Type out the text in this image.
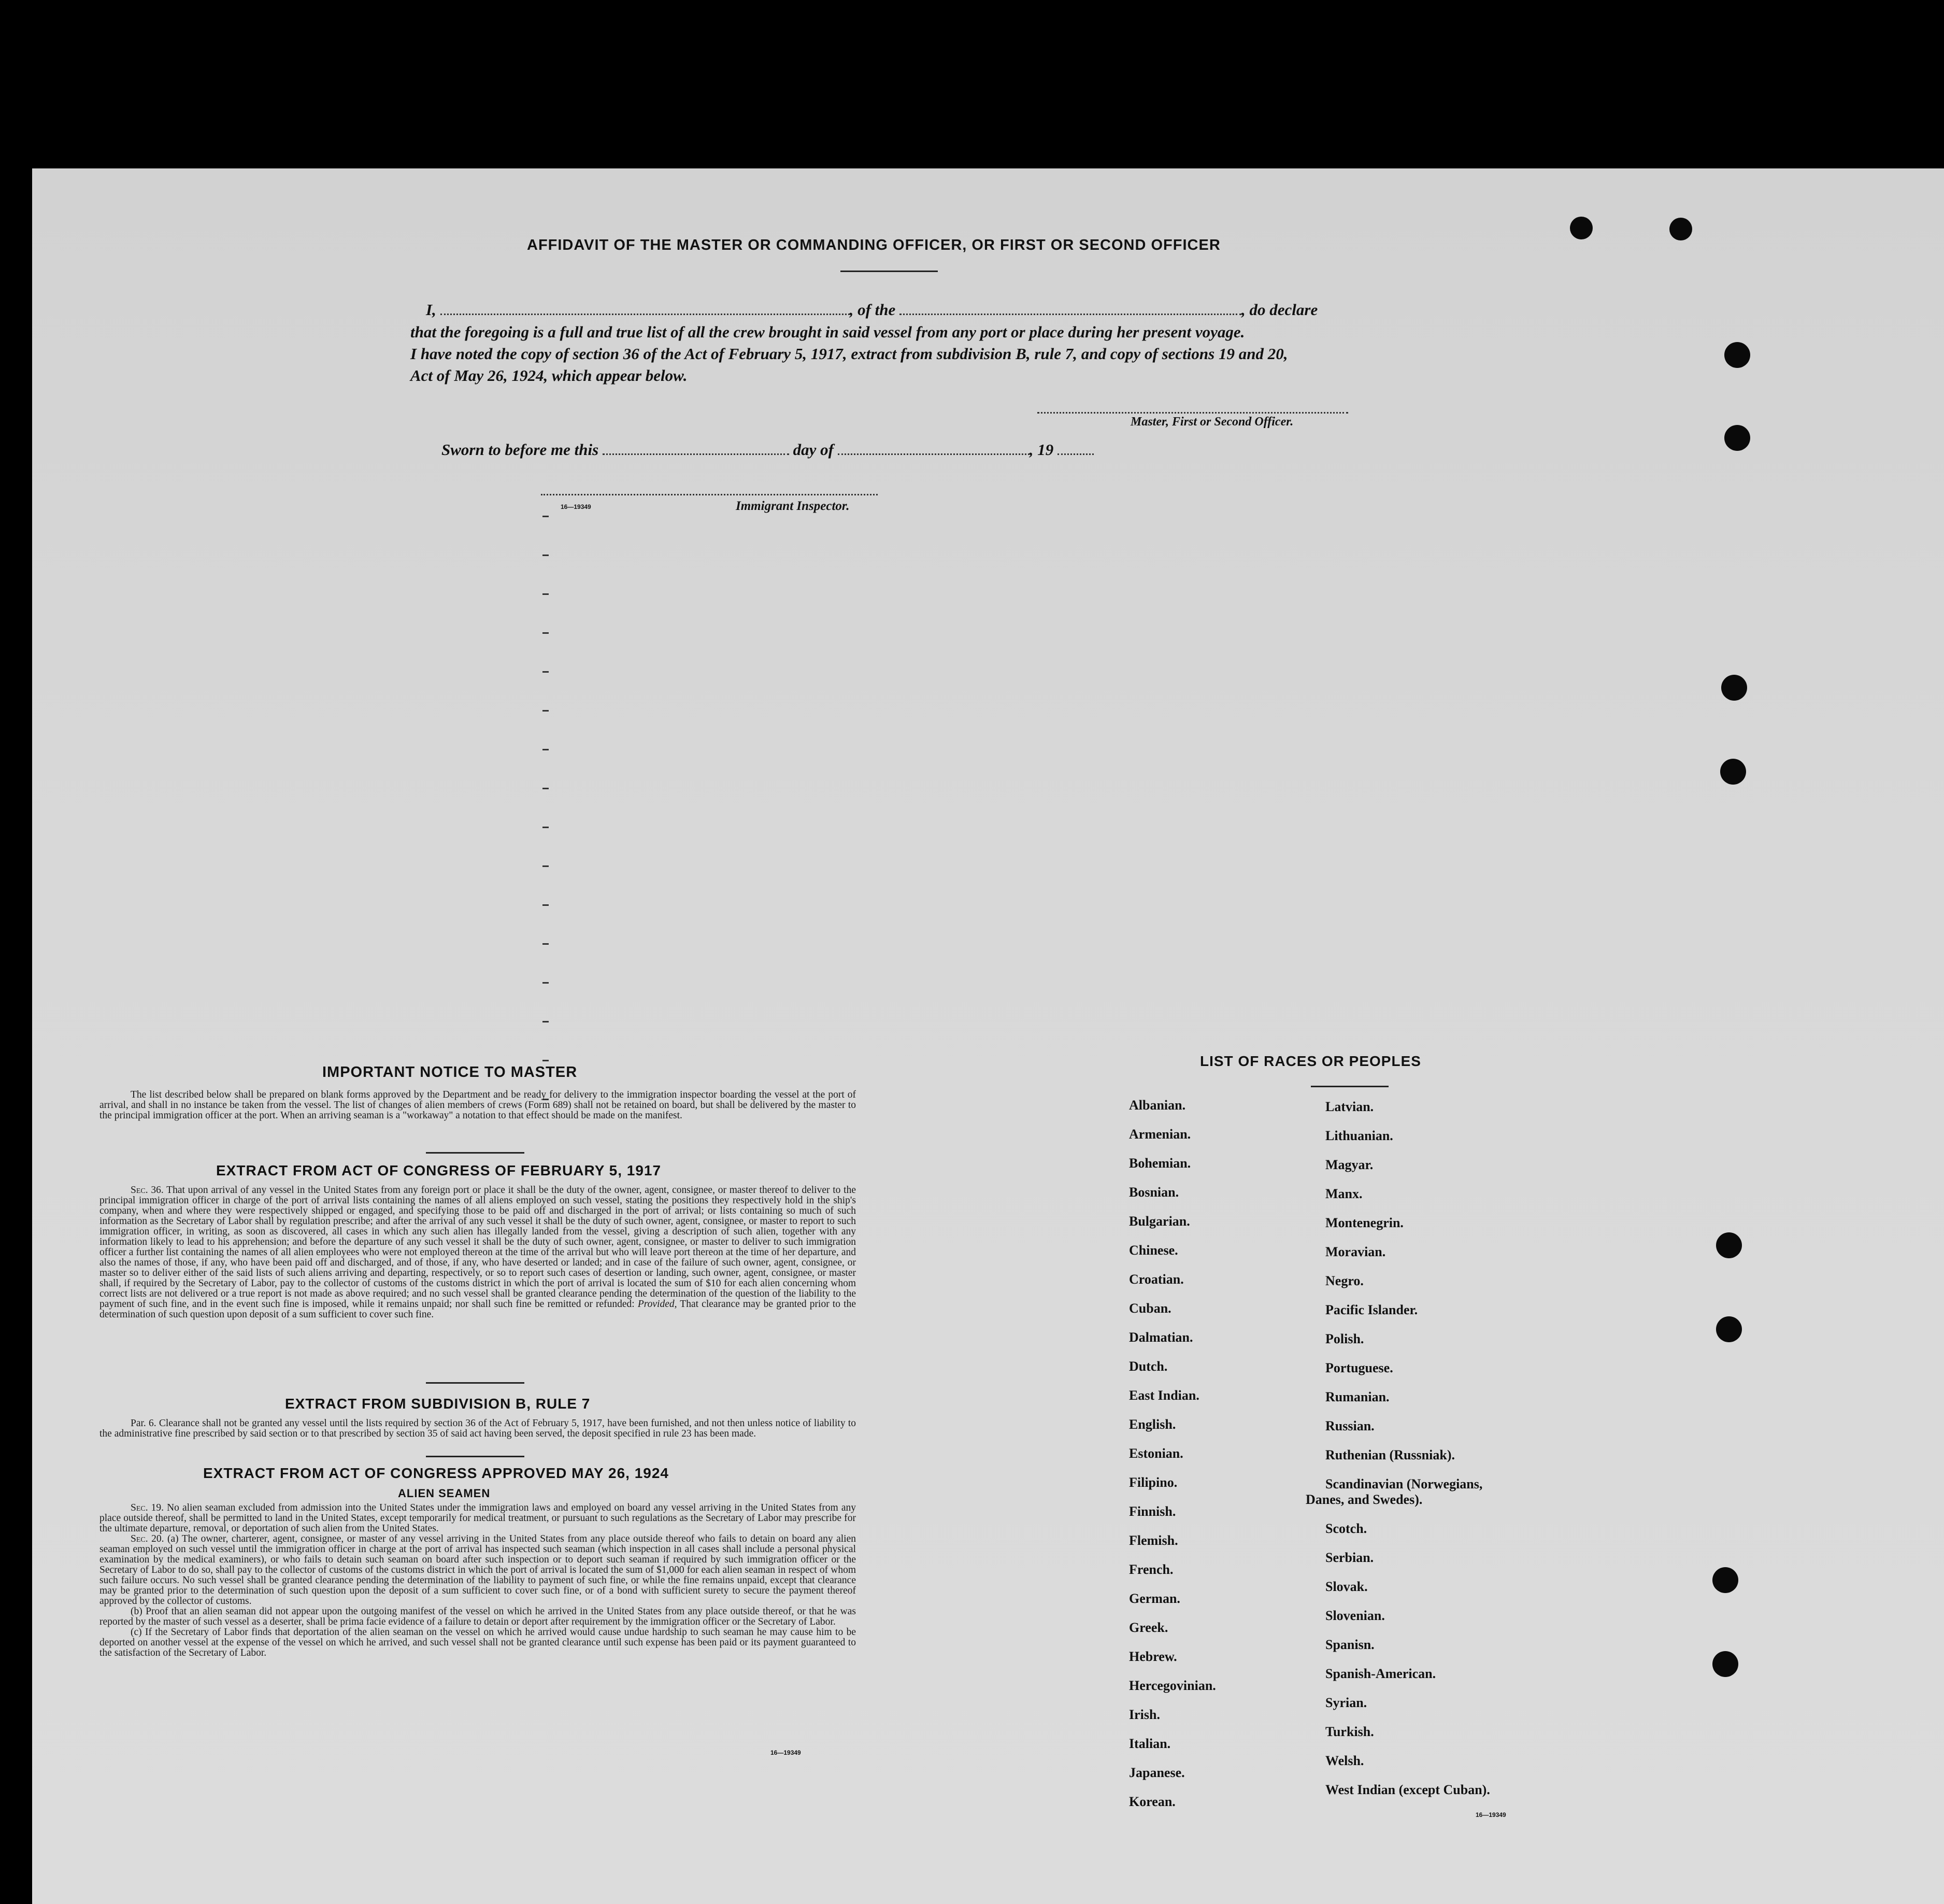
AFFIDAVIT OF THE MASTER OR COMMANDING OFFICER, OR FIRST OR SECOND OFFICER
I,	, of the	, do declare
that the foregoing is a full and true list of all the crew brought in said vessel from any port or place during her present voyage.
I have noted the copy of section 36 of the Act of February 5, 1917, extract from subdivision B, rule 7, and copy of sections 19 and 20,
Act of May 26, 1924, which appear below.
Master, First or Second Officer.
Sworn to before me this	day of	, 19
16—19349	Immigrant Inspector.
IMPORTANT NOTICE TO MASTER
The list described below shall be prepared on blank forms approved by the Department and be ready for delivery to the immigration inspector boarding the vessel at the port of arrival, and shall in no instance be taken from the vessel. The list of changes of alien members of crews (Form 689) shall not be retained on board, but shall be delivered by the master to the principal immigration officer at the port. When an arriving seaman is a "workaway" a notation to that effect should be made on the manifest.
EXTRACT FROM ACT OF CONGRESS OF FEBRUARY 5, 1917
Sec. 36. That upon arrival of any vessel in the United States from any foreign port or place it shall be the duty of the owner, agent, consignee, or master thereof to deliver to the principal immigration officer in charge of the port of arrival lists containing the names of all aliens employed on such vessel, stating the positions they respectively hold in the ship's company, when and where they were respectively shipped or engaged, and specifying those to be paid off and discharged in the port of arrival; or lists containing so much of such information as the Secretary of Labor shall by regulation prescribe; and after the arrival of any such vessel it shall be the duty of such owner, agent, consignee, or master to report to such immigration officer, in writing, as soon as discovered, all cases in which any such alien has illegally landed from the vessel, giving a description of such alien, together with any information likely to lead to his apprehension; and before the departure of any such vessel it shall be the duty of such owner, agent, consignee, or master to deliver to such immigration officer a further list containing the names of all alien employees who were not employed thereon at the time of the arrival but who will leave port thereon at the time of her departure, and also the names of those, if any, who have been paid off and discharged, and of those, if any, who have deserted or landed; and in case of the failure of such owner, agent, consignee, or master so to deliver either of the said lists of such aliens arriving and departing, respectively, or so to report such cases of desertion or landing, such owner, agent, consignee, or master shall, if required by the Secretary of Labor, pay to the collector of customs of the customs district in which the port of arrival is located the sum of $10 for each alien concerning whom correct lists are not delivered or a true report is not made as above required; and no such vessel shall be granted clearance pending the determination of the question of the liability to the payment of such fine, and in the event such fine is imposed, while it remains unpaid; nor shall such fine be remitted or refunded: Provided, That clearance may be granted prior to the determination of such question upon deposit of a sum sufficient to cover such fine.
EXTRACT FROM SUBDIVISION B, RULE 7
Par. 6. Clearance shall not be granted any vessel until the lists required by section 36 of the Act of February 5, 1917, have been furnished, and not then unless notice of liability to the administrative fine prescribed by said section or to that prescribed by section 35 of said act having been served, the deposit specified in rule 23 has been made.
EXTRACT FROM ACT OF CONGRESS APPROVED MAY 26, 1924
ALIEN SEAMEN
Sec. 19. No alien seaman excluded from admission into the United States under the immigration laws and employed on board any vessel arriving in the United States from any place outside thereof, shall be permitted to land in the United States, except temporarily for medical treatment, or pursuant to such regulations as the Secretary of Labor may prescribe for the ultimate departure, removal, or deportation of such alien from the United States.
Sec. 20. (a) The owner, charterer, agent, consignee, or master of any vessel arriving in the United States from any place outside thereof who fails to detain on board any alien seaman employed on such vessel until the immigration officer in charge at the port of arrival has inspected such seaman (which inspection in all cases shall include a personal physical examination by the medical examiners), or who fails to detain such seaman on board after such inspection or to deport such seaman if required by such immigration officer or the Secretary of Labor to do so, shall pay to the collector of customs of the customs district in which the port of arrival is located the sum of $1,000 for each alien seaman in respect of whom such failure occurs. No such vessel shall be granted clearance pending the determination of the liability to payment of such fine, or while the fine remains unpaid, except that clearance may be granted prior to the determination of such question upon the deposit of a sum sufficient to cover such fine, or of a bond with sufficient surety to secure the payment thereof approved by the collector of customs.
(b) Proof that an alien seaman did not appear upon the outgoing manifest of the vessel on which he arrived in the United States from any place outside thereof, or that he was reported by the master of such vessel as a deserter, shall be prima facie evidence of a failure to detain or deport after requirement by the immigration officer or the Secretary of Labor.
(c) If the Secretary of Labor finds that deportation of the alien seaman on the vessel on which he arrived would cause undue hardship to such seaman he may cause him to be deported on another vessel at the expense of the vessel on which he arrived, and such vessel shall not be granted clearance until such expense has been paid or its payment guaranteed to the satisfaction of the Secretary of Labor.
16—19349
LIST OF RACES OR PEOPLES
Albanian.
Armenian.
Bohemian.
Bosnian.
Bulgarian.
Chinese.
Croatian.
Cuban.
Dalmatian.
Dutch.
East Indian.
English.
Estonian.
Filipino.
Finnish.
Flemish.
French.
German.
Greek.
Hebrew.
Hercegovinian.
Irish.
Italian.
Japanese.
Korean.
Latvian.
Lithuanian.
Magyar.
Manx.
Montenegrin.
Moravian.
Negro.
Pacific Islander.
Polish.
Portuguese.
Rumanian.
Russian.
Ruthenian (Russniak).
Scandinavian (Norwegians,
Danes, and Swedes).
Scotch.
Serbian.
Slovak.
Slovenian.
Spanisn.
Spanish-American.
Syrian.
Turkish.
Welsh.
West Indian (except Cuban).
16—19349
